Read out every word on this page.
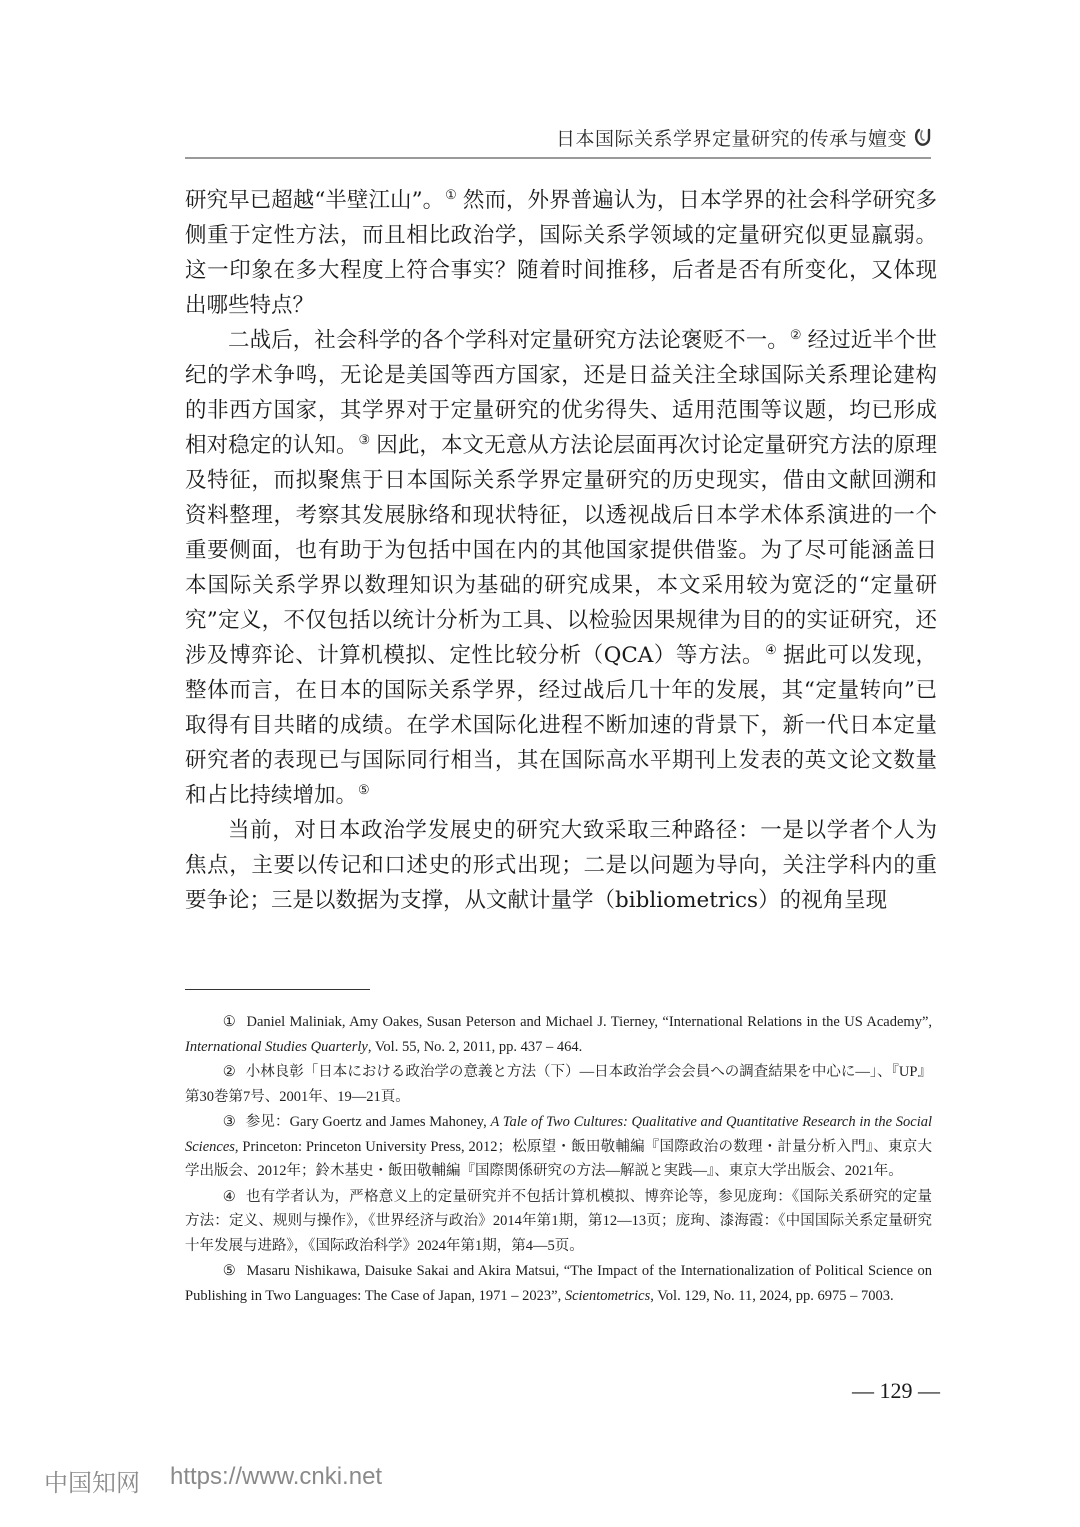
日本国际关系学界定量研究的传承与嬗变

研究早已超越“半壁江山”。① 然而，外界普遍认为，日本学界的社会科学研究多侧重于定性方法，而且相比政治学，国际关系学领域的定量研究似更显羸弱。这一印象在多大程度上符合事实？随着时间推移，后者是否有所变化，又体现出哪些特点？

二战后，社会科学的各个学科对定量研究方法论褒贬不一。② 经过近半个世纪的学术争鸣，无论是美国等西方国家，还是日益关注全球国际关系理论建构的非西方国家，其学界对于定量研究的优劣得失、适用范围等议题，均已形成相对稳定的认知。③ 因此，本文无意从方法论层面再次讨论定量研究方法的原理及特征，而拟聚焦于日本国际关系学界定量研究的历史现实，借由文献回溯和资料整理，考察其发展脉络和现状特征，以透视战后日本学术体系演进的一个重要侧面，也有助于为包括中国在内的其他国家提供借鉴。为了尽可能涵盖日本国际关系学界以数理知识为基础的研究成果，本文采用较为宽泛的“定量研究”定义，不仅包括以统计分析为工具、以检验因果规律为目的的实证研究，还涉及博弈论、计算机模拟、定性比较分析（QCA）等方法。④ 据此可以发现，整体而言，在日本的国际关系学界，经过战后几十年的发展，其“定量转向”已取得有目共睹的成绩。在学术国际化进程不断加速的背景下，新一代日本定量研究者的表现已与国际同行相当，其在国际高水平期刊上发表的英文论文数量和占比持续增加。⑤

当前，对日本政治学发展史的研究大致采取三种路径：一是以学者个人为焦点，主要以传记和口述史的形式出现；二是以问题为导向，关注学科内的重要争论；三是以数据为支撑，从文献计量学（bibliometrics）的视角呈现

① Daniel Maliniak, Amy Oakes, Susan Peterson and Michael J. Tierney, “International Relations in the US Academy”, International Studies Quarterly, Vol. 55, No. 2, 2011, pp. 437 – 464.

② 小林良彰「日本における政治学の意義と方法（下）—日本政治学会会員への調査結果を中心に—」、『UP』第30巻第7号、2001年、19—21頁。

③ 参见：Gary Goertz and James Mahoney, A Tale of Two Cultures: Qualitative and Quantitative Research in the Social Sciences, Princeton: Princeton University Press, 2012；松原望・飯田敬輔編『国際政治の数理・計量分析入門』、東京大学出版会、2012年；鈴木基史・飯田敬輔編『国際関係研究の方法—解説と実践—』、東京大学出版会、2021年。

④ 也有学者认为，严格意义上的定量研究并不包括计算机模拟、博弈论等，参见庞珣：《国际关系研究的定量方法：定义、规则与操作》，《世界经济与政治》2014年第1期，第12—13页；庞珣、漆海霞：《中国国际关系定量研究十年发展与进路》，《国际政治科学》2024年第1期，第4—5页。

⑤ Masaru Nishikawa, Daisuke Sakai and Akira Matsui, “The Impact of the Internationalization of Political Science on Publishing in Two Languages: The Case of Japan, 1971 – 2023”, Scientometrics, Vol. 129, No. 11, 2024, pp. 6975 – 7003.

— 129 —
中国知网 https://www.cnki.net
